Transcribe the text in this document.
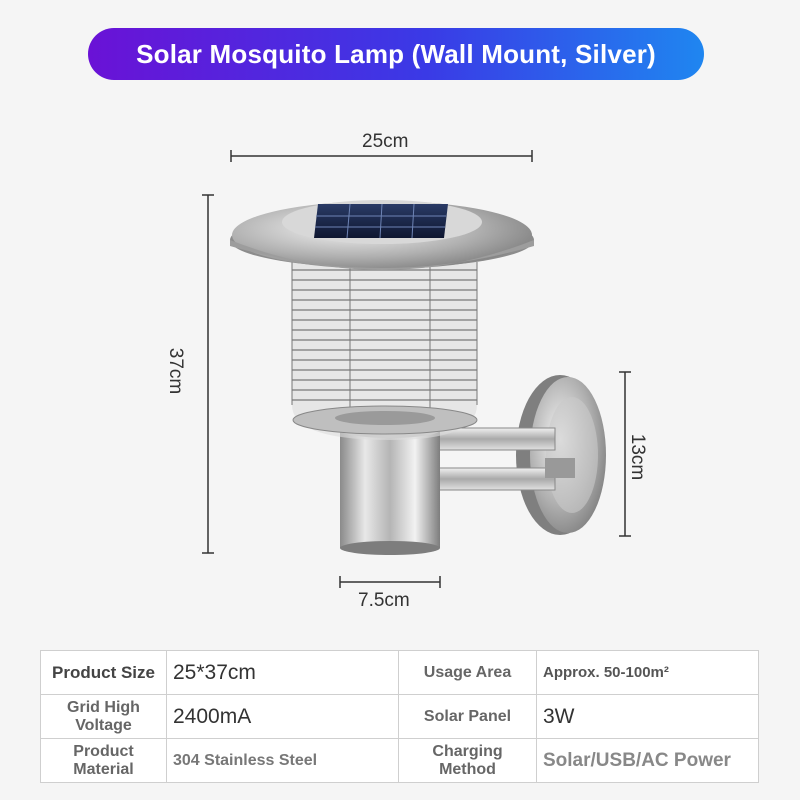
Solar Mosquito Lamp (Wall Mount, Silver)
25cm
37cm
13cm
7.5cm
Product Size	25*37cm	Usage Area	Approx. 50-100m²
Grid High Voltage	2400mA	Solar Panel	3W
Product Material	304 Stainless Steel	Charging Method	Solar/USB/AC Power
